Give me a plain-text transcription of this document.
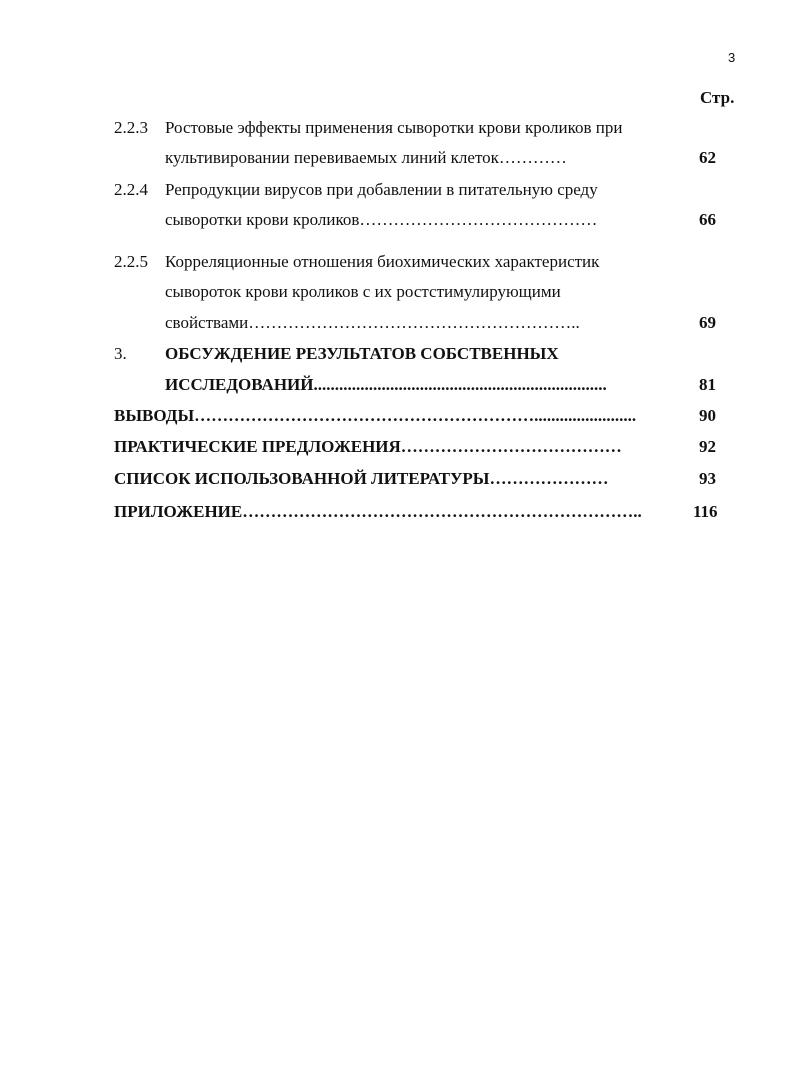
3
Стр.
2.2.3 Ростовые эффекты применения сыворотки крови кроликов при
культивировании перевиваемых линий клеток…………	62
2.2.4 Репродукции вирусов при добавлении в питательную среду
сыворотки крови кроликов……………………………………	66
2.2.5 Корреляционные отношения биохимических характеристик
сывороток крови кроликов с их ростстимулирующими
свойствами…………………………………………………..	69
3. ОБСУЖДЕНИЕ РЕЗУЛЬТАТОВ СОБСТВЕННЫХ
ИССЛЕДОВАНИЙ.....................................................................	81
ВЫВОДЫ……………………………………………………........................	90
ПРАКТИЧЕСКИЕ ПРЕДЛОЖЕНИЯ…………………………………	92
СПИСОК ИСПОЛЬЗОВАННОЙ ЛИТЕРАТУРЫ…………………	93
ПРИЛОЖЕНИЕ……………………………………………………………..	116
